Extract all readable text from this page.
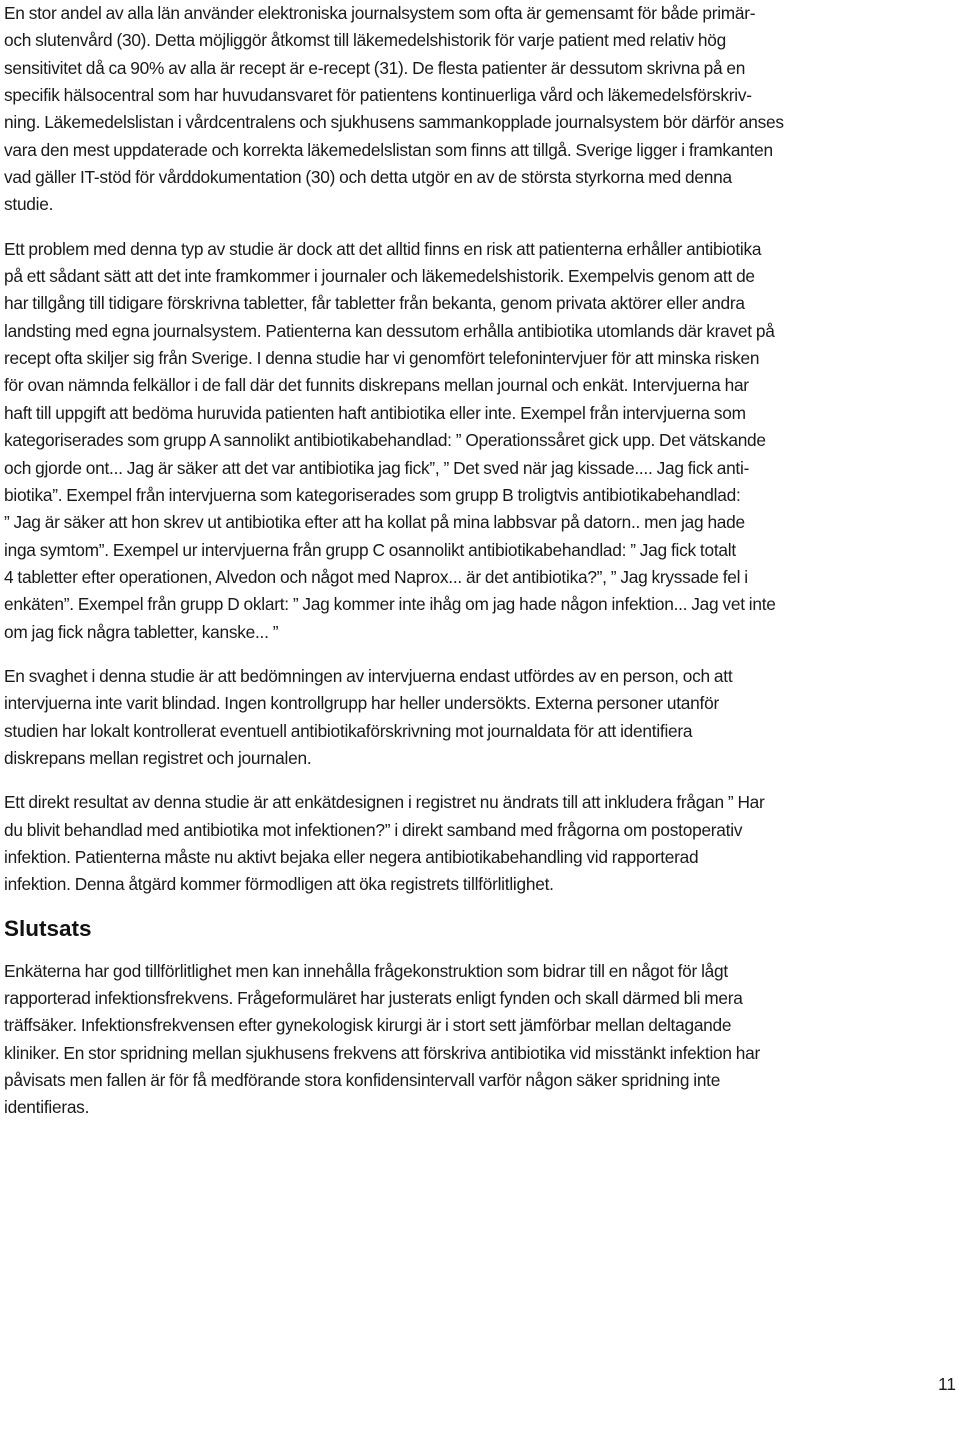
En stor andel av alla län använder elektroniska journalsystem som ofta är gemensamt för både primär-
och slutenvård (30). Detta möjliggör åtkomst till läkemedelshistorik för varje patient med relativ hög
sensitivitet då ca 90% av alla är recept är e-recept (31). De flesta patienter är dessutom skrivna på en
specifik hälsocentral som har huvudansvaret för patientens kontinuerliga vård och läkemedelsförskriv-
ning. Läkemedelslistan i vårdcentralens och sjukhusens sammankopplade journalsystem bör därför anses
vara den mest uppdaterade och korrekta läkemedelslistan som finns att tillgå. Sverige ligger i framkanten
vad gäller IT-stöd för vårddokumentation (30) och detta utgör en av de största styrkorna med denna
studie.
Ett problem med denna typ av studie är dock att det alltid finns en risk att patienterna erhåller antibiotika
på ett sådant sätt att det inte framkommer i journaler och läkemedelshistorik. Exempelvis genom att de
har tillgång till tidigare förskrivna tabletter, får tabletter från bekanta, genom privata aktörer eller andra
landsting med egna journalsystem. Patienterna kan dessutom erhålla antibiotika utomlands där kravet på
recept ofta skiljer sig från Sverige. I denna studie har vi genomfört telefonintervjuer för att minska risken
för ovan nämnda felkällor i de fall där det funnits diskrepans mellan journal och enkät. Intervjuerna har
haft till uppgift att bedöma huruvida patienten haft antibiotika eller inte. Exempel från intervjuerna som
kategoriserades som grupp A sannolikt antibiotikabehandlad: ” Operationssåret gick upp. Det vätskande
och gjorde ont... Jag är säker att det var antibiotika jag fick”, ” Det sved när jag kissade.... Jag fick anti-
biotika”. Exempel från intervjuerna som kategoriserades som grupp B troligtvis antibiotikabehandlad:
” Jag är säker att hon skrev ut antibiotika efter att ha kollat på mina labbsvar på datorn.. men jag hade
inga symtom”. Exempel ur intervjuerna från grupp C osannolikt antibiotikabehandlad: ” Jag fick totalt
4 tabletter efter operationen, Alvedon och något med Naprox... är det antibiotika?”, ” Jag kryssade fel i
enkäten”. Exempel från grupp D oklart: ” Jag kommer inte ihåg om jag hade någon infektion... Jag vet inte
om jag fick några tabletter, kanske... ”
En svaghet i denna studie är att bedömningen av intervjuerna endast utfördes av en person, och att
intervjuerna inte varit blindad. Ingen kontrollgrupp har heller undersökts. Externa personer utanför
studien har lokalt kontrollerat eventuell antibiotikaförskrivning mot journaldata för att identifiera
diskrepans mellan registret och journalen.
Ett direkt resultat av denna studie är att enkätdesignen i registret nu ändrats till att inkludera frågan ” Har
du blivit behandlad med antibiotika mot infektionen?” i direkt samband med frågorna om postoperativ
infektion. Patienterna måste nu aktivt bejaka eller negera antibiotikabehandling vid rapporterad
infektion. Denna åtgärd kommer förmodligen att öka registrets tillförlitlighet.
Slutsats
Enkäterna har god tillförlitlighet men kan innehålla frågekonstruktion som bidrar till en något för lågt
rapporterad infektionsfrekvens. Frågeformuläret har justerats enligt fynden och skall därmed bli mera
träffsäker. Infektionsfrekvensen efter gynekologisk kirurgi är i stort sett jämförbar mellan deltagande
kliniker. En stor spridning mellan sjukhusens frekvens att förskriva antibiotika vid misstänkt infektion har
påvisats men fallen är för få medförande stora konfidensintervall varför någon säker spridning inte
identifieras.
11
